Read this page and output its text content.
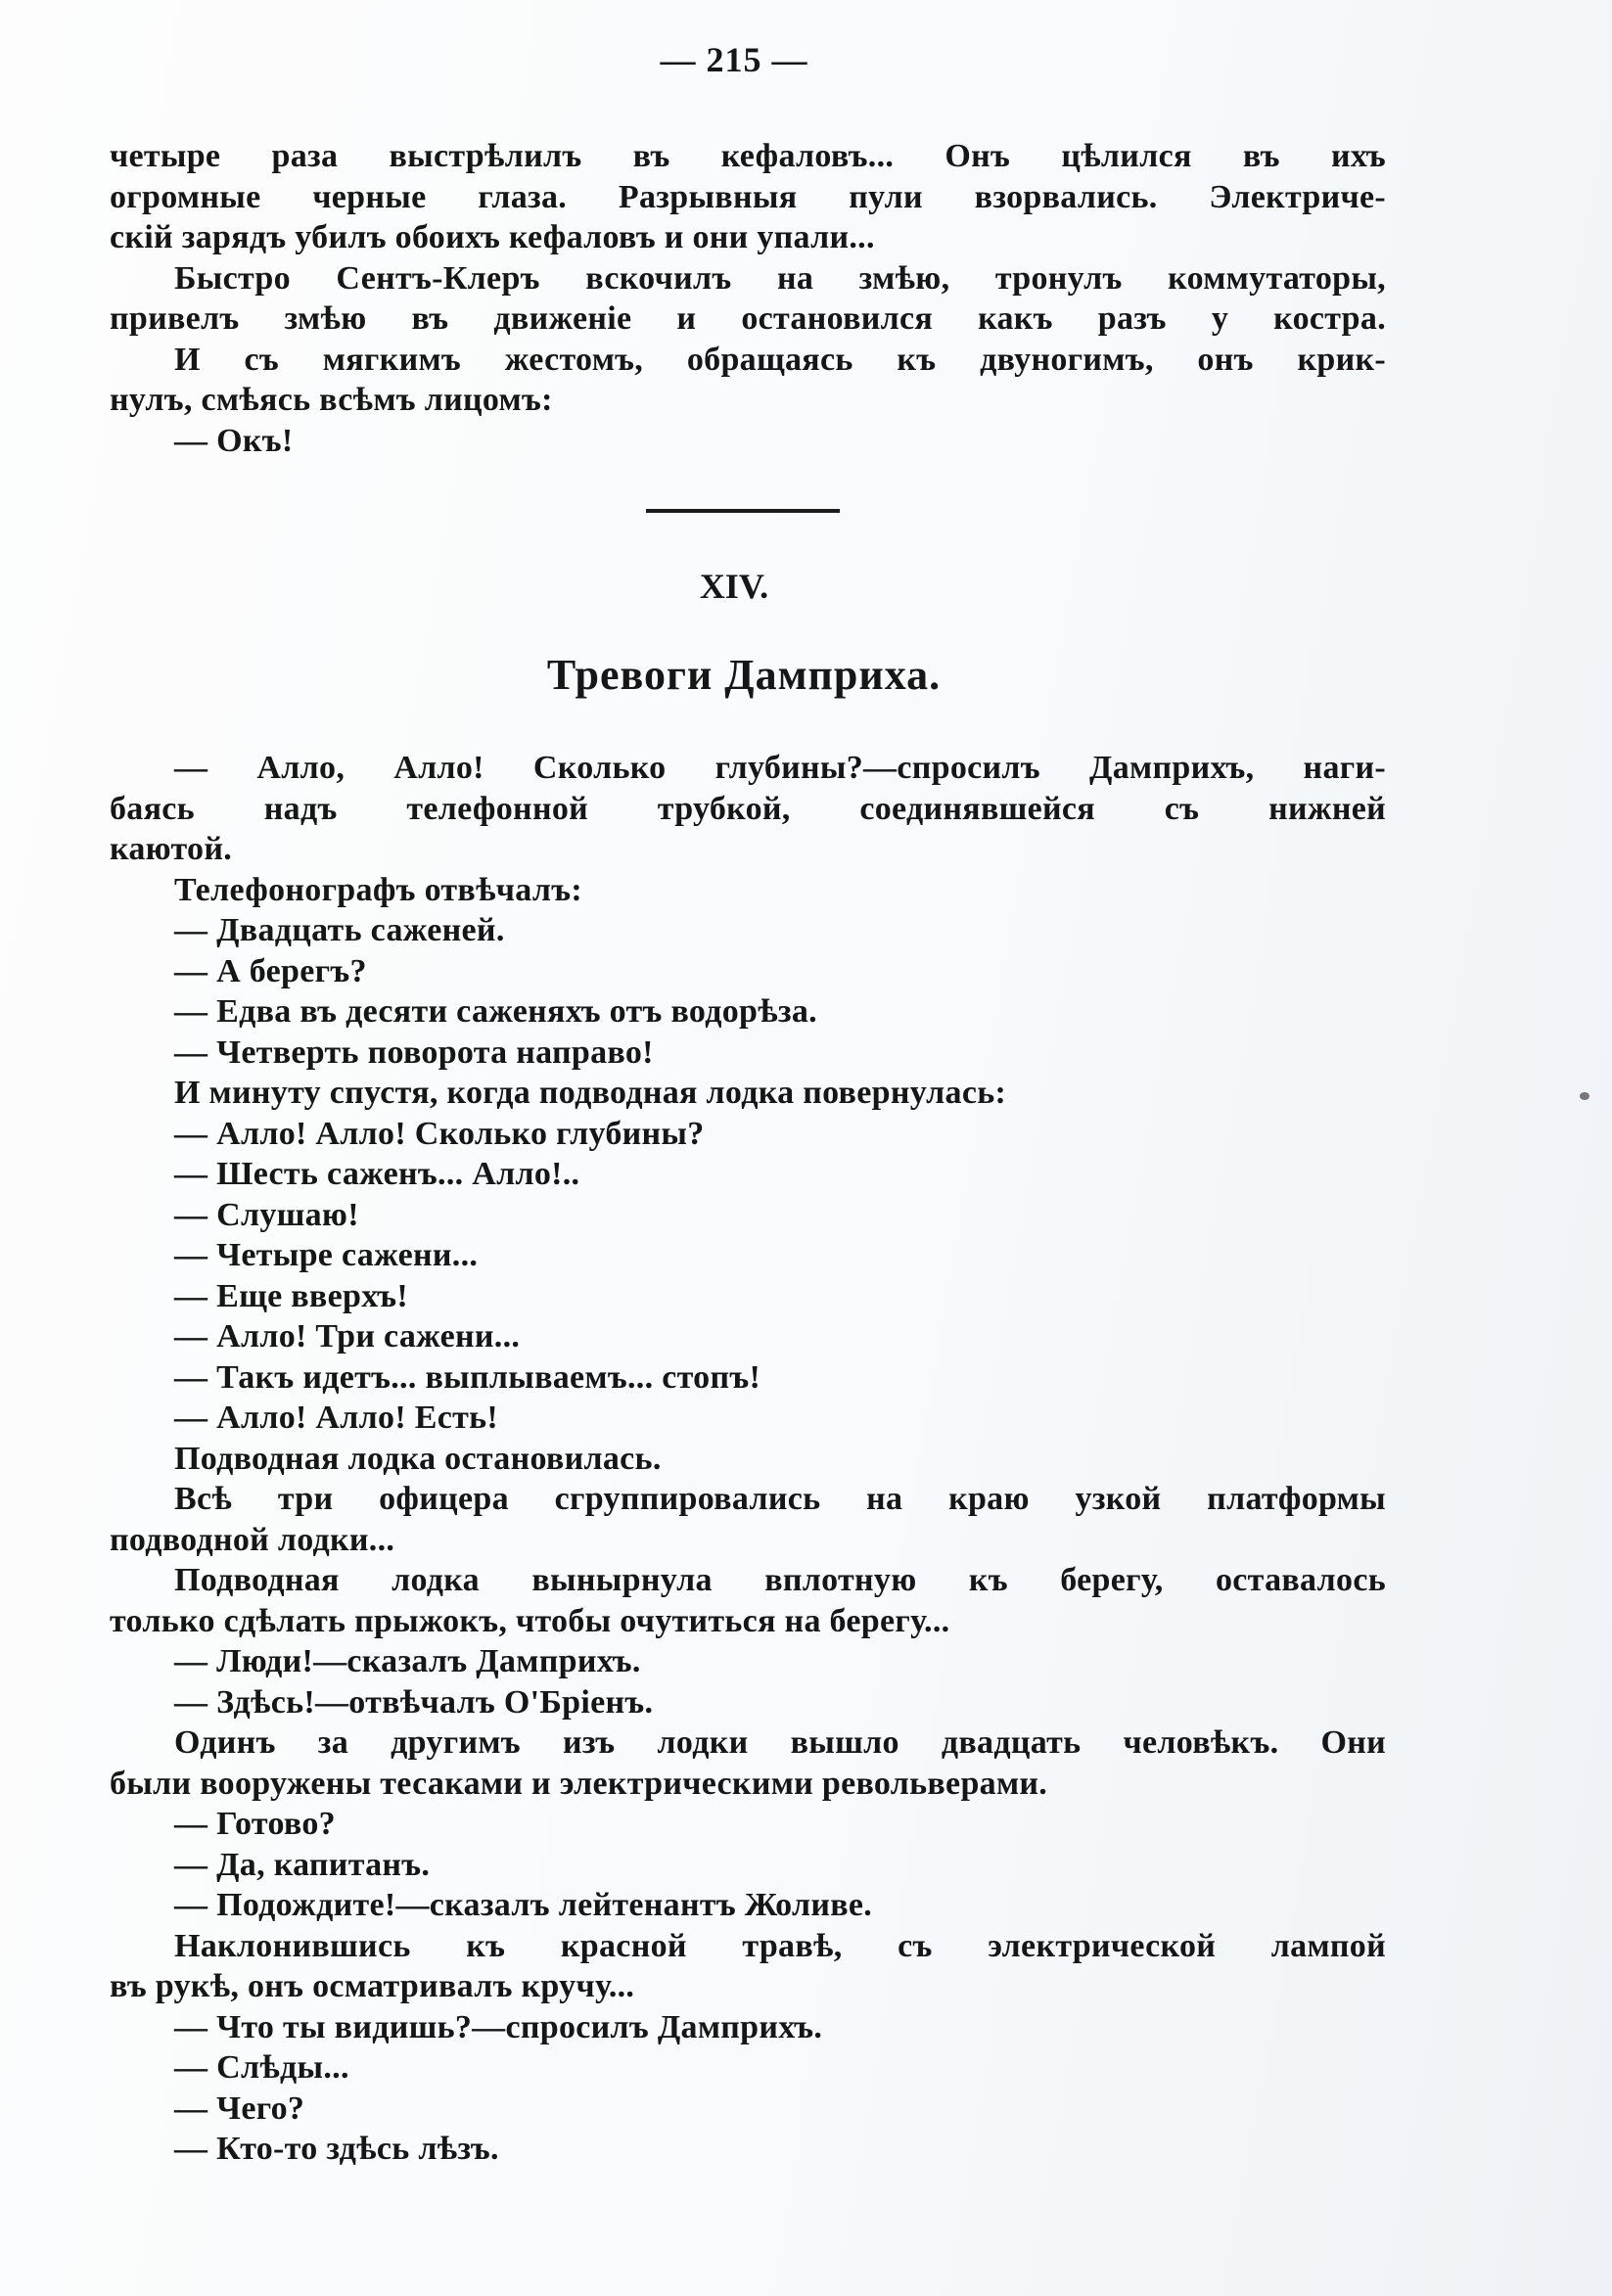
— 215 —
четыре раза выстрѣлилъ въ кефаловъ... Онъ цѣлился въ ихъ
огромные черные глаза. Разрывныя пули взорвались. Электриче-
скій зарядъ убилъ обоихъ кефаловъ и они упали...
Быстро Сентъ-Клеръ вскочилъ на змѣю, тронулъ коммутаторы,
привелъ змѣю въ движеніе и остановился какъ разъ у костра.
И съ мягкимъ жестомъ, обращаясь къ двуногимъ, онъ крик-
нулъ, смѣясь всѣмъ лицомъ:
— Окъ!
XIV.
Тревоги Дамприха.
— Алло, Алло! Сколько глубины?—спросилъ Дамприхъ, наги-
баясь надъ телефонной трубкой, соединявшейся съ нижней
каютой.
Телефонографъ отвѣчалъ:
— Двадцать саженей.
— А берегъ?
— Едва въ десяти саженяхъ отъ водорѣза.
— Четверть поворота направо!
И минуту спустя, когда подводная лодка повернулась:
— Алло! Алло! Сколько глубины?
— Шесть саженъ... Алло!..
— Слушаю!
— Четыре сажени...
— Еще вверхъ!
— Алло! Три сажени...
— Такъ идетъ... выплываемъ... стопъ!
— Алло! Алло! Есть!
Подводная лодка остановилась.
Всѣ три офицера сгруппировались на краю узкой платформы
подводной лодки...
Подводная лодка вынырнула вплотную къ берегу, оставалось
только сдѣлать прыжокъ, чтобы очутиться на берегу...
— Люди!—сказалъ Дамприхъ.
— Здѣсь!—отвѣчалъ О'Бріенъ.
Одинъ за другимъ изъ лодки вышло двадцать человѣкъ. Они
были вооружены тесаками и электрическими револьверами.
— Готово?
— Да, капитанъ.
— Подождите!—сказалъ лейтенантъ Жоливе.
Наклонившись къ красной травѣ, съ электрической лампой
въ рукѣ, онъ осматривалъ кручу...
— Что ты видишь?—спросилъ Дамприхъ.
— Слѣды...
— Чего?
— Кто-то здѣсь лѣзъ.
